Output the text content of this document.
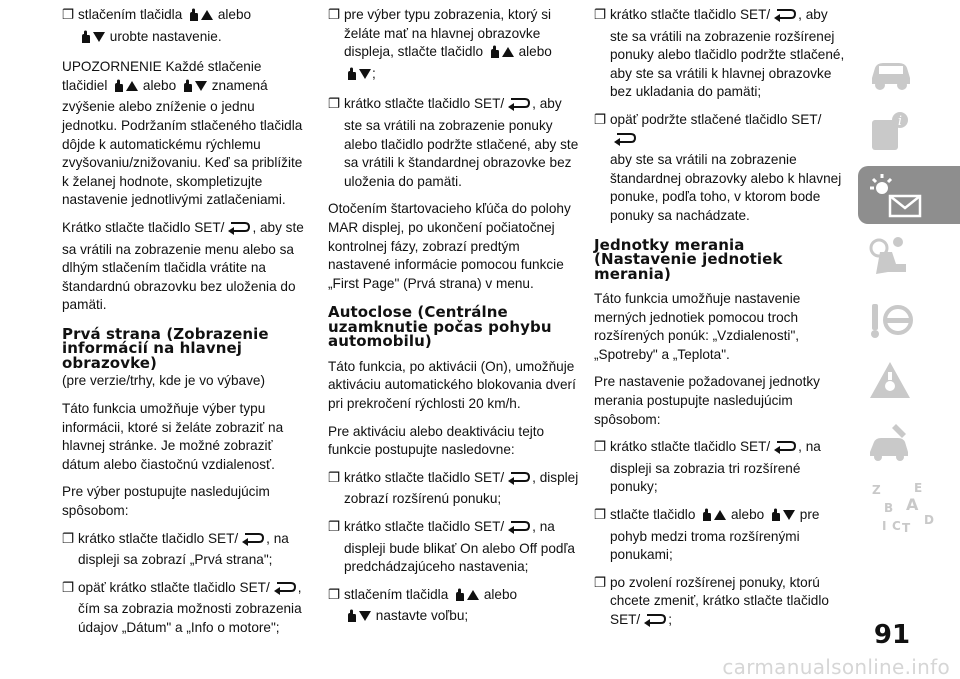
❐ stlačením tlačidla	alebo
urobte nastavenie.

UPOZORNENIE Každé stlačenie tlačidiel	alebo	znamená zvýšenie alebo zníženie o jednu jednotku. Podržaním stlačeného tlačidla dôjde k automatickému rýchlemu zvyšovaniu/znižovaniu. Keď sa priblížite k želanej hodnote, skompletizujte nastavenie jednotlivými zatlačeniami.

Krátko stlačte tlačidlo SET/ , aby ste sa vrátili na zobrazenie menu alebo sa dlhým stlačením tlačidla vrátite na štandardnú obrazovku bez uloženia do pamäti.

Prvá strana (Zobrazenie informácií na hlavnej obrazovke)
(pre verzie/trhy, kde je vo výbave)

Táto funkcia umožňuje výber typu informácii, ktoré si želáte zobraziť na hlavnej stránke. Je možné zobraziť dátum alebo čiastočnú vzdialenosť.

Pre výber postupujte nasledujúcim spôsobom:

❐ krátko stlačte tlačidlo SET/ , na displeji sa zobrazí „Prvá strana";
❐ opäť krátko stlačte tlačidlo SET/ , čím sa zobrazia možnosti zobrazenia údajov „Dátum" a „Info o motore";
❐ pre výber typu zobrazenia, ktorý si želáte mať na hlavnej obrazovke displeja, stlačte tlačidlo	alebo
;
❐ krátko stlačte tlačidlo SET/ , aby ste sa vrátili na zobrazenie ponuky alebo tlačidlo podržte stlačené, aby ste sa vrátili k štandardnej obrazovke bez uloženia do pamäti.

Otočením štartovacieho kľúča do polohy MAR displej, po ukončení počiatočnej kontrolnej fázy, zobrazí predtým nastavené informácie pomocou funkcie „First Page" (Prvá strana) v menu.

Autoclose (Centrálne uzamknutie počas pohybu automobilu)

Táto funkcia, po aktivácii (On), umožňuje aktiváciu automatického blokovania dverí pri prekročení rýchlosti 20 km/h.

Pre aktiváciu alebo deaktiváciu tejto funkcie postupujte nasledovne:

❐ krátko stlačte tlačidlo SET/ , displej zobrazí rozšírenú ponuku;
❐ krátko stlačte tlačidlo SET/ , na displeji bude blikať On alebo Off podľa predchádzajúceho nastavenia;
❐ stlačením tlačidla	alebo
nastavte voľbu;
❐ krátko stlačte tlačidlo SET/ , aby ste sa vrátili na zobrazenie rozšírenej ponuky alebo tlačidlo podržte stlačené, aby ste sa vrátili k hlavnej obrazovke bez ukladania do pamäti;
❐ opäť podržte stlačené tlačidlo SET/
aby ste sa vrátili na zobrazenie štandardnej obrazovky alebo k hlavnej ponuke, podľa toho, v ktorom bode ponuky sa nachádzate.
Jednotky merania (Nastavenie jednotiek merania)

Táto funkcia umožňuje nastavenie merných jednotiek pomocou troch rozšírených ponúk: „Vzdialenosti", „Spotreby" a „Teplota".

Pre nastavenie požadovanej jednotky merania postupujte nasledujúcim spôsobom:

❐ krátko stlačte tlačidlo SET/ , na displeji sa zobrazia tri rozšírené ponuky;
❐ stlačte tlačidlo	alebo	pre pohyb medzi troma rozšírenými ponukami;
❐ po zvolení rozšírenej ponuky, ktorú chcete zmeniť, krátko stlačte tlačidlo SET/ ;
i
Z	E
B A
I C T
D
91
carmanualsonline.info
